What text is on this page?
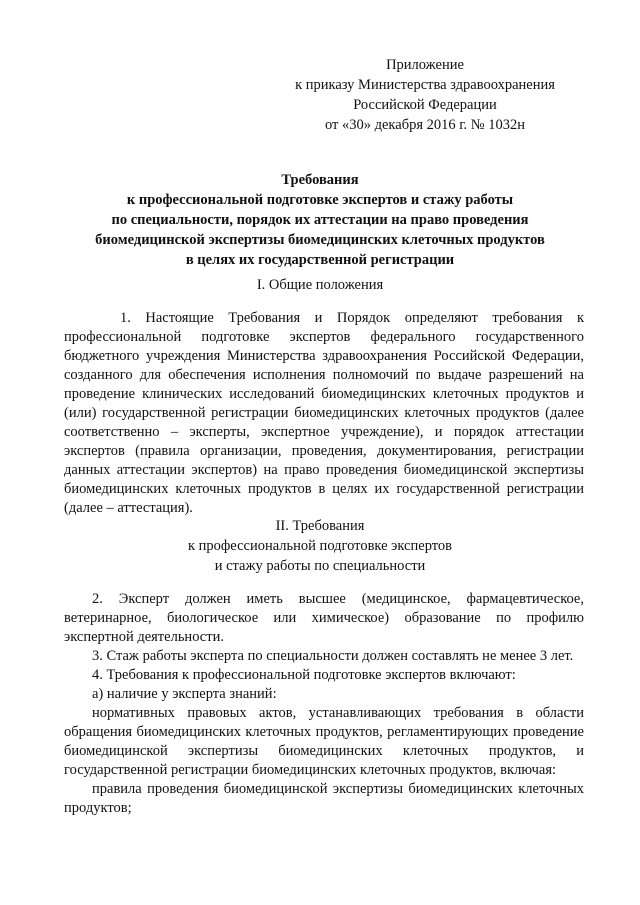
Приложение
к приказу Министерства здравоохранения
Российской Федерации
от «30» декабря 2016 г. № 1032н
Требования
к профессиональной подготовке экспертов и стажу работы
по специальности, порядок их аттестации на право проведения
биомедицинской экспертизы биомедицинских клеточных продуктов
в целях их государственной регистрации
I. Общие положения

1. Настоящие Требования и Порядок определяют требования к профессиональной подготовке экспертов федерального государственного бюджетного учреждения Министерства здравоохранения Российской Федерации, созданного для обеспечения исполнения полномочий по выдаче разрешений на проведение клинических исследований биомедицинских клеточных продуктов и (или) государственной регистрации биомедицинских клеточных продуктов (далее соответственно – эксперты, экспертное учреждение), и порядок аттестации экспертов (правила организации, проведения, документирования, регистрации данных аттестации экспертов) на право проведения биомедицинской экспертизы биомедицинских клеточных продуктов в целях их государственной регистрации (далее – аттестация).

II. Требования
к профессиональной подготовке экспертов
и стажу работы по специальности

2. Эксперт должен иметь высшее (медицинское, фармацевтическое, ветеринарное, биологическое или химическое) образование по профилю экспертной деятельности.

3. Стаж работы эксперта по специальности должен составлять не менее 3 лет.

4. Требования к профессиональной подготовке экспертов включают:

а) наличие у эксперта знаний:

нормативных правовых актов, устанавливающих требования в области обращения биомедицинских клеточных продуктов, регламентирующих проведение биомедицинской экспертизы биомедицинских клеточных продуктов, и государственной регистрации биомедицинских клеточных продуктов, включая:

правила проведения биомедицинской экспертизы биомедицинских клеточных продуктов;
